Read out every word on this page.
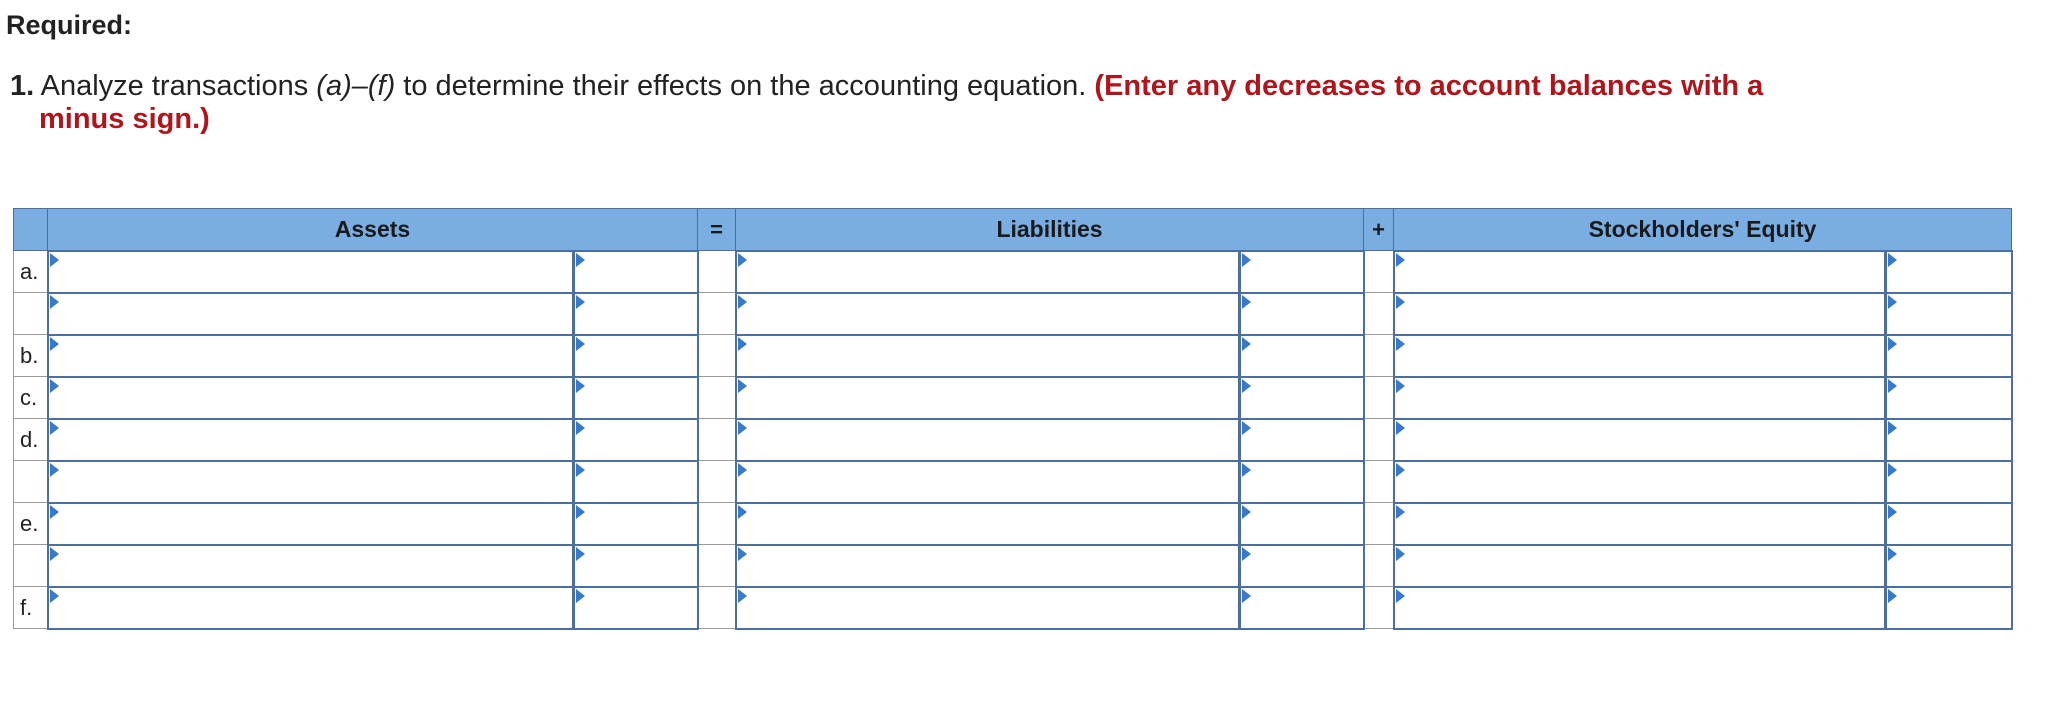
Required:
1. Analyze transactions (a)–(f) to determine their effects on the accounting equation. (Enter any decreases to account balances with a
minus sign.)
	Assets		=	Liabilities		+	Stockholders' Equity	
a.								

b.								
c.								
d.								

e.								

f.								
